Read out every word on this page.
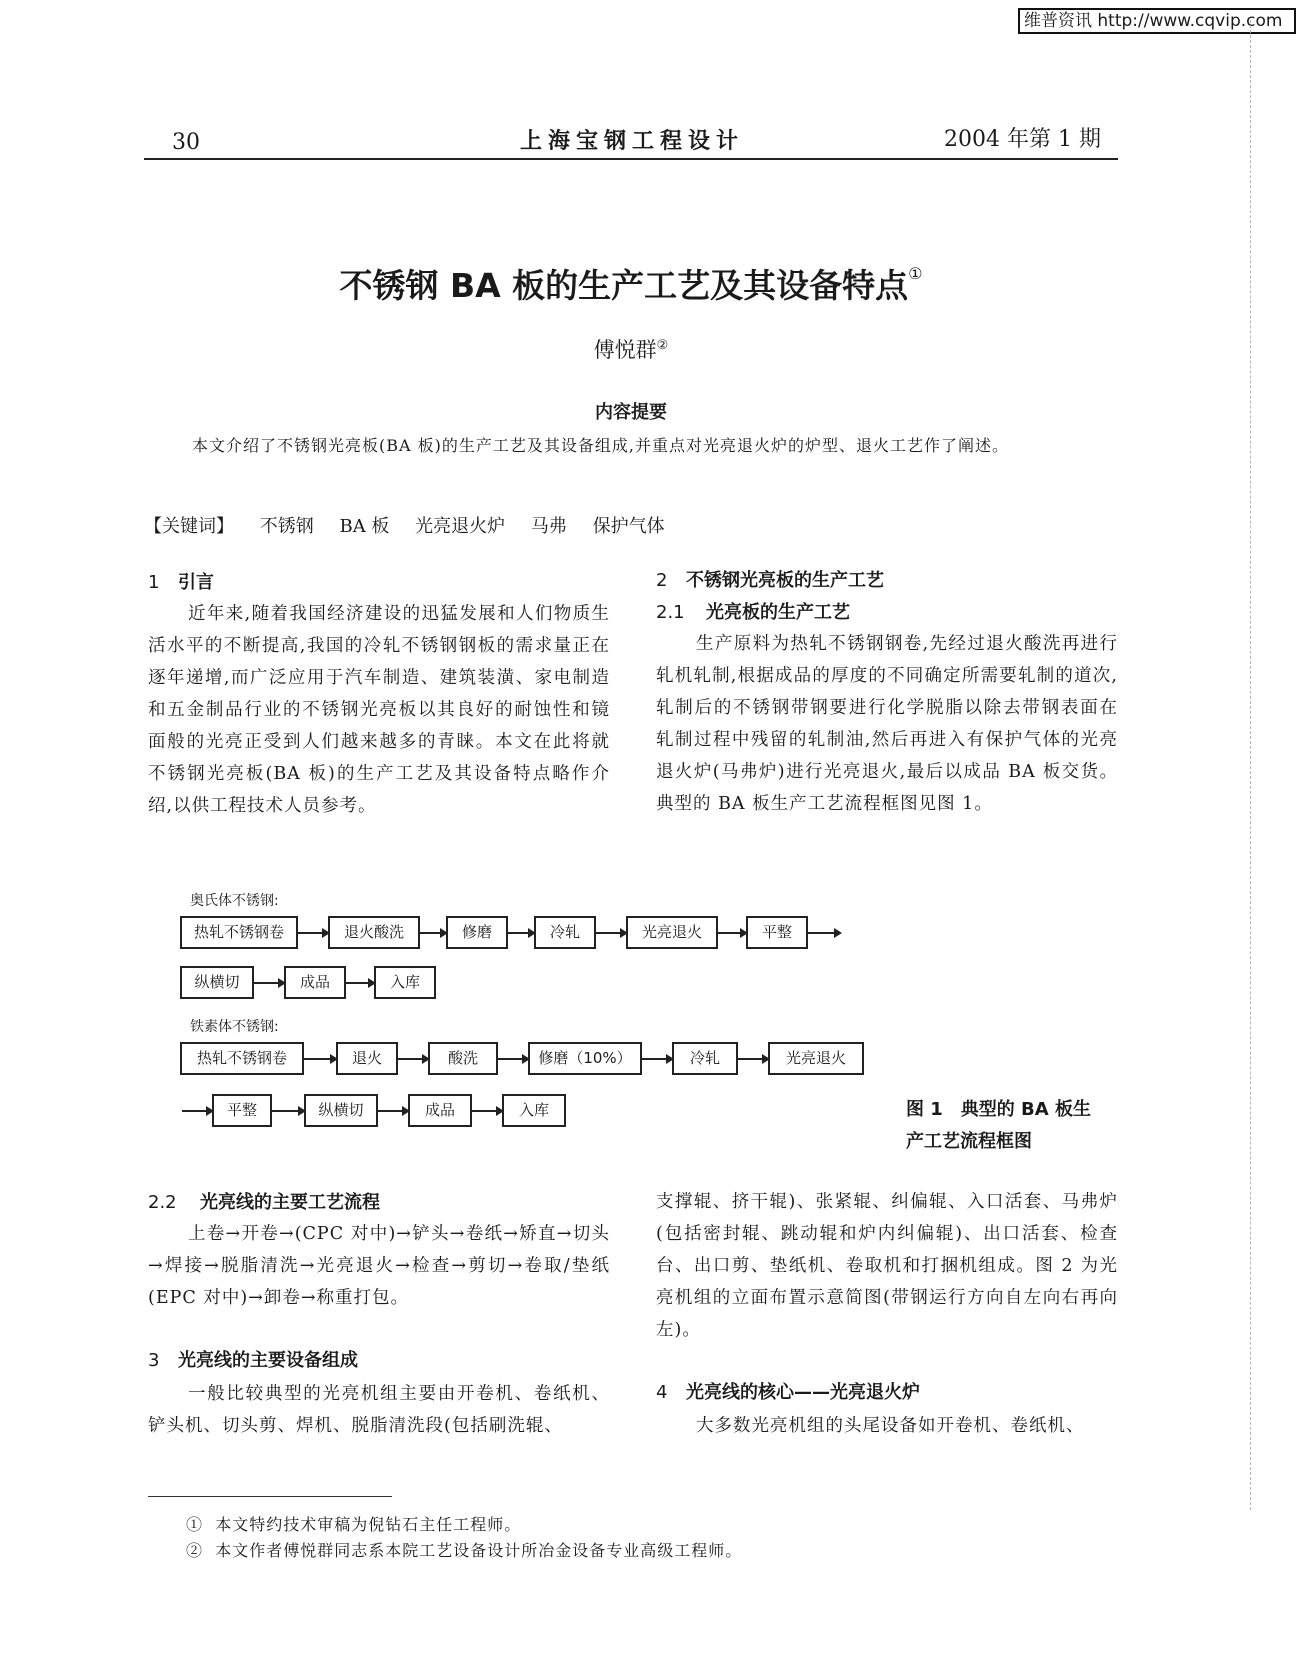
维普资讯 http://www.cqvip.com
30	上海宝钢工程设计	2004 年第 1 期
不锈钢 BA 板的生产工艺及其设备特点①
傅悦群②
内容提要
本文介绍了不锈钢光亮板(BA 板)的生产工艺及其设备组成,并重点对光亮退火炉的炉型、退火工艺作了阐述。
【关键词】 不锈钢 BA 板 光亮退火炉 马弗 保护气体
1 引言
近年来,随着我国经济建设的迅猛发展和人们物质生活水平的不断提高,我国的冷轧不锈钢钢板的需求量正在逐年递增,而广泛应用于汽车制造、建筑装潢、家电制造和五金制品行业的不锈钢光亮板以其良好的耐蚀性和镜面般的光亮正受到人们越来越多的青睐。本文在此将就不锈钢光亮板(BA 板)的生产工艺及其设备特点略作介绍,以供工程技术人员参考。
2 不锈钢光亮板的生产工艺
2.1 光亮板的生产工艺
生产原料为热轧不锈钢钢卷,先经过退火酸洗再进行轧机轧制,根据成品的厚度的不同确定所需要轧制的道次,轧制后的不锈钢带钢要进行化学脱脂以除去带钢表面在轧制过程中残留的轧制油,然后再进入有保护气体的光亮退火炉(马弗炉)进行光亮退火,最后以成品 BA 板交货。典型的 BA 板生产工艺流程框图见图 1。
奥氏体不锈钢:
热轧不锈钢卷	退火酸洗	修磨	冷轧	光亮退火	平整
纵横切	成品	入库
铁素体不锈钢:
热轧不锈钢卷	退火	酸洗	修磨（10%）	冷轧	光亮退火
平整	纵横切	成品	入库	图 1　典型的 BA 板生
产工艺流程框图
2.2 光亮线的主要工艺流程
上卷→开卷→(CPC 对中)→铲头→卷纸→矫直→切头→焊接→脱脂清洗→光亮退火→检查→剪切→卷取/垫纸(EPC 对中)→卸卷→称重打包。
3 光亮线的主要设备组成
一般比较典型的光亮机组主要由开卷机、卷纸机、铲头机、切头剪、焊机、脱脂清洗段(包括刷洗辊、
支撑辊、挤干辊)、张紧辊、纠偏辊、入口活套、马弗炉(包括密封辊、跳动辊和炉内纠偏辊)、出口活套、检查台、出口剪、垫纸机、卷取机和打捆机组成。图 2 为光亮机组的立面布置示意简图(带钢运行方向自左向右再向左)。
4 光亮线的核心——光亮退火炉
大多数光亮机组的头尾设备如开卷机、卷纸机、
① 本文特约技术审稿为倪钻石主任工程师。
② 本文作者傅悦群同志系本院工艺设备设计所冶金设备专业高级工程师。
